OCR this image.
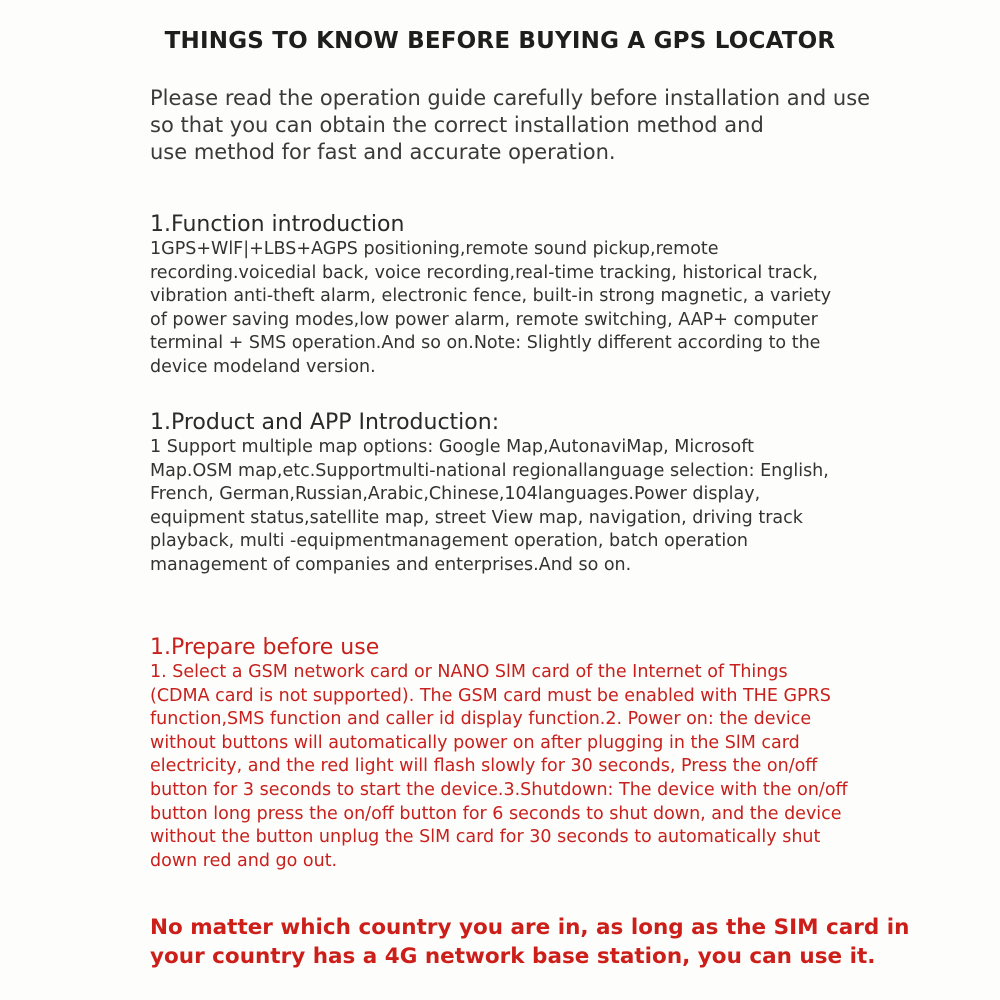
THINGS TO KNOW BEFORE BUYING A GPS LOCATOR
Please read the operation guide carefully before installation and use
so that you can obtain the correct installation method and
use method for fast and accurate operation.
1.Function introduction
1GPS+WlF|+LBS+AGPS positioning,remote sound pickup,remote
recording.voicedial back, voice recording,real-time tracking, historical track,
vibration anti-theft alarm, electronic fence, built-in strong magnetic, a variety
of power saving modes,low power alarm, remote switching, AAP+ computer
terminal + SMS operation.And so on.Note: Slightly different according to the
device modeland version.
1.Product and APP Introduction:
1 Support multiple map options: Google Map,AutonaviMap, Microsoft
Map.OSM map,etc.Supportmulti-national regionallanguage selection: English,
French, German,Russian,Arabic,Chinese,104languages.Power display,
equipment status,satellite map, street View map, navigation, driving track
playback, multi -equipmentmanagement operation, batch operation
management of companies and enterprises.And so on.
1.Prepare before use
1. Select a GSM network card or NANO SlM card of the Internet of Things
(CDMA card is not supported). The GSM card must be enabled with THE GPRS
function,SMS function and caller id display function.2. Power on: the device
without buttons will automatically power on after plugging in the SlM card
electricity, and the red light will flash slowly for 30 seconds, Press the on/off
button for 3 seconds to start the device.3.Shutdown: The device with the on/off
button long press the on/off button for 6 seconds to shut down, and the device
without the button unplug the SlM card for 30 seconds to automatically shut
down red and go out.
No matter which country you are in, as long as the SIM card in
your country has a 4G network base station, you can use it.
